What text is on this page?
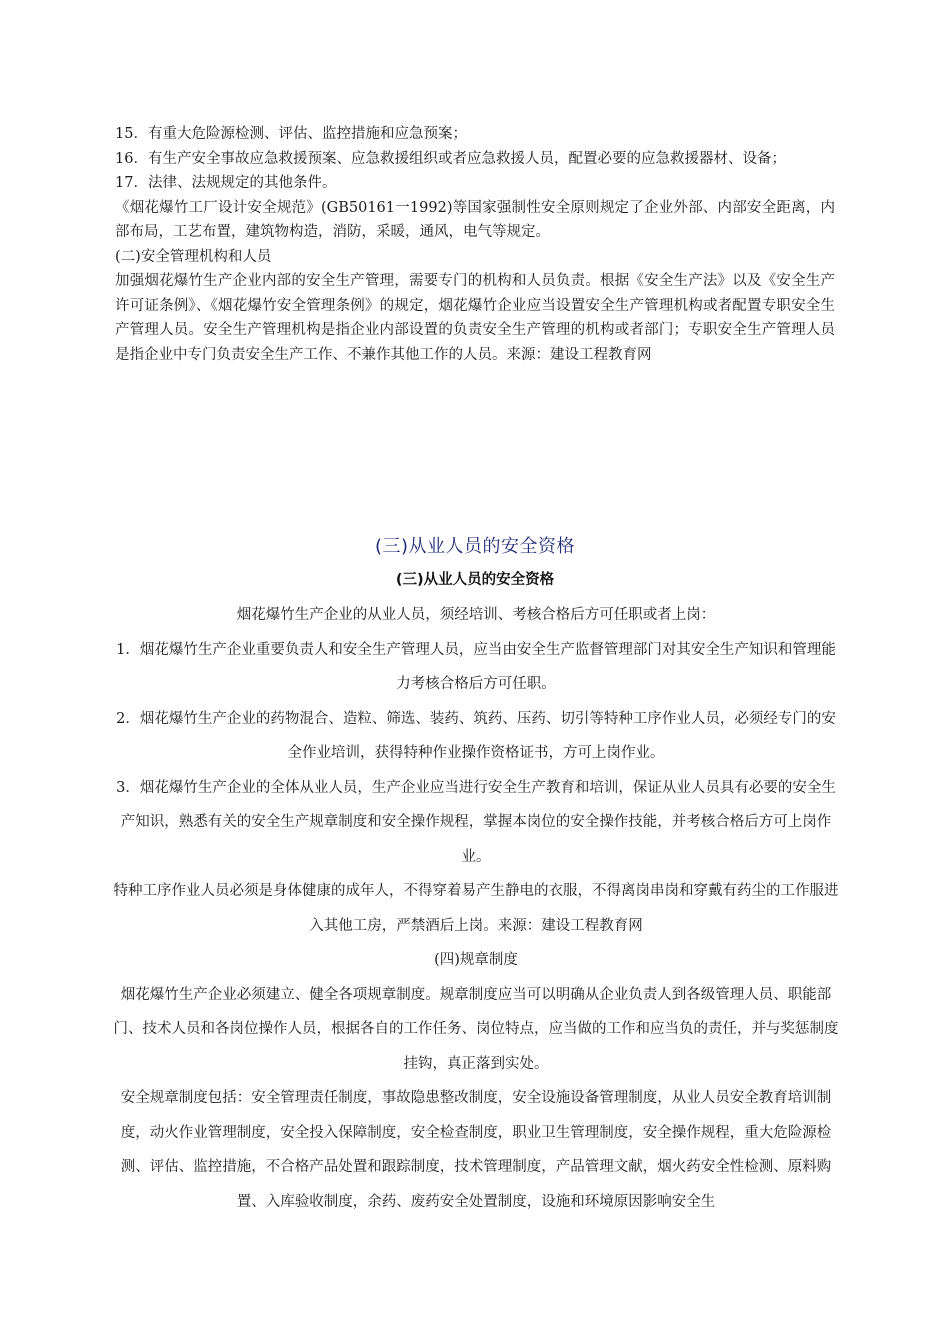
15．有重大危险源检测、评估、监控措施和应急预案；

16．有生产安全事故应急救援预案、应急救援组织或者应急救援人员，配置必要的应急救援器材、设备；

17．法律、法规规定的其他条件。

《烟花爆竹工厂设计安全规范》(GB50161一1992)等国家强制性安全原则规定了企业外部、内部安全距离，内部布局，工艺布置，建筑物构造，消防，采暖，通风，电气等规定。

(二)安全管理机构和人员

加强烟花爆竹生产企业内部的安全生产管理，需要专门的机构和人员负责。根据《安全生产法》以及《安全生产许可证条例》、《烟花爆竹安全管理条例》的规定，烟花爆竹企业应当设置安全生产管理机构或者配置专职安全生产管理人员。安全生产管理机构是指企业内部设置的负责安全生产管理的机构或者部门；专职安全生产管理人员是指企业中专门负责安全生产工作、不兼作其他工作的人员。来源：建设工程教育网

(三)从业人员的安全资格
(三)从业人员的安全资格

烟花爆竹生产企业的从业人员，须经培训、考核合格后方可任职或者上岗：

1．烟花爆竹生产企业重要负责人和安全生产管理人员，应当由安全生产监督管理部门对其安全生产知识和管理能力考核合格后方可任职。

2．烟花爆竹生产企业的药物混合、造粒、筛选、装药、筑药、压药、切引等特种工序作业人员，必须经专门的安全作业培训，获得特种作业操作资格证书，方可上岗作业。

3．烟花爆竹生产企业的全体从业人员，生产企业应当进行安全生产教育和培训，保证从业人员具有必要的安全生产知识，熟悉有关的安全生产规章制度和安全操作规程，掌握本岗位的安全操作技能，并考核合格后方可上岗作业。

特种工序作业人员必须是身体健康的成年人，不得穿着易产生静电的衣服，不得离岗串岗和穿戴有药尘的工作服进入其他工房，严禁酒后上岗。来源：建设工程教育网

(四)规章制度

烟花爆竹生产企业必须建立、健全各项规章制度。规章制度应当可以明确从企业负责人到各级管理人员、职能部门、技术人员和各岗位操作人员，根据各自的工作任务、岗位特点，应当做的工作和应当负的责任，并与奖惩制度挂钩，真正落到实处。

安全规章制度包括：安全管理责任制度，事故隐患整改制度，安全设施设备管理制度，从业人员安全教育培训制度，动火作业管理制度，安全投入保障制度，安全检查制度，职业卫生管理制度，安全操作规程，重大危险源检测、评估、监控措施，不合格产品处置和跟踪制度，技术管理制度，产品管理文献，烟火药安全性检测、原料购置、入库验收制度，余药、废药安全处置制度，设施和环境原因影响安全生
